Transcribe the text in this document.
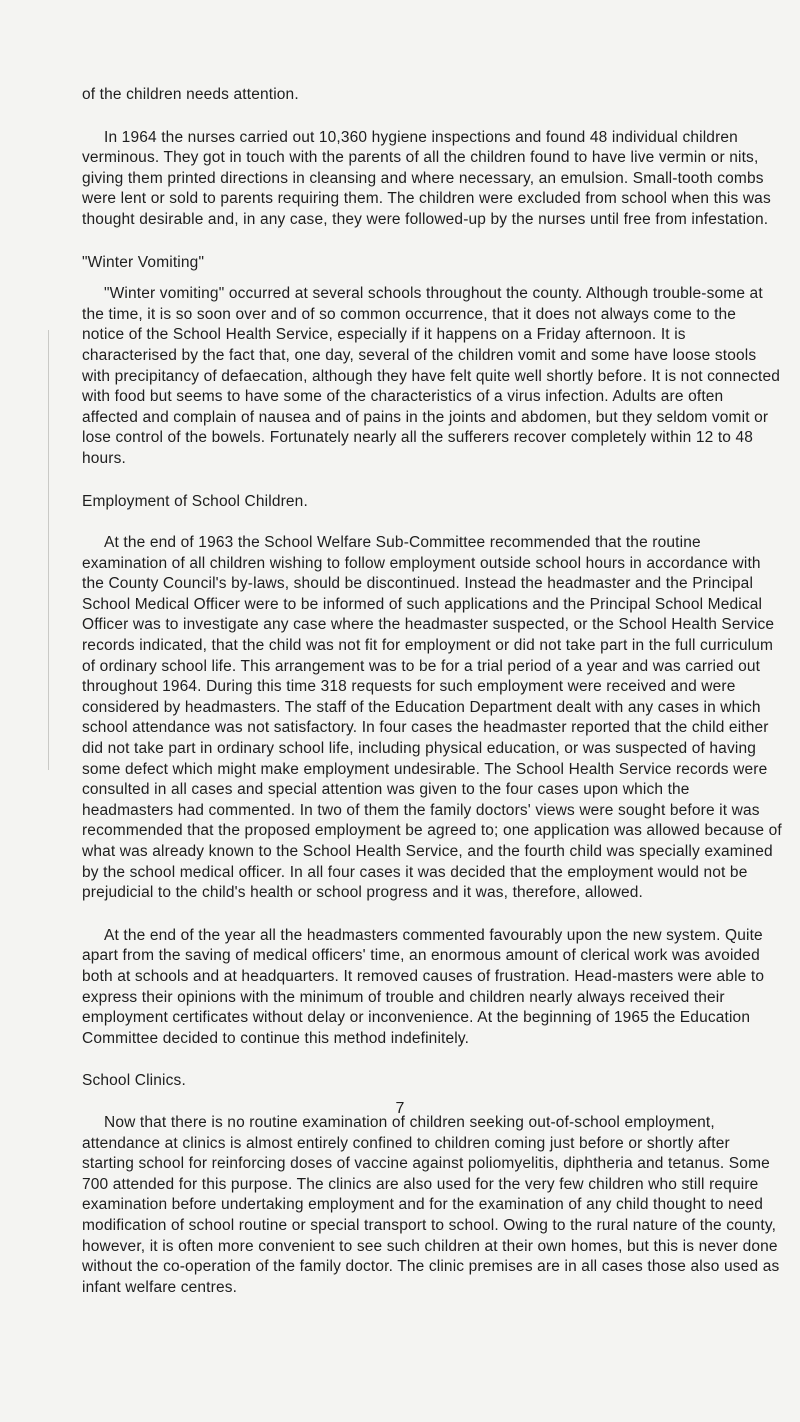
of the children needs attention.

In 1964 the nurses carried out 10,360 hygiene inspections and found 48 individual children verminous. They got in touch with the parents of all the children found to have live vermin or nits, giving them printed directions in cleansing and where necessary, an emulsion. Small-tooth combs were lent or sold to parents requiring them. The children were excluded from school when this was thought desirable and, in any case, they were followed-up by the nurses until free from infestation.

"Winter Vomiting"

"Winter vomiting" occurred at several schools throughout the county. Although trouble-some at the time, it is so soon over and of so common occurrence, that it does not always come to the notice of the School Health Service, especially if it happens on a Friday afternoon. It is characterised by the fact that, one day, several of the children vomit and some have loose stools with precipitancy of defaecation, although they have felt quite well shortly before. It is not connected with food but seems to have some of the characteristics of a virus infection. Adults are often affected and complain of nausea and of pains in the joints and abdomen, but they seldom vomit or lose control of the bowels. Fortunately nearly all the sufferers recover completely within 12 to 48 hours.

Employment of School Children.

At the end of 1963 the School Welfare Sub-Committee recommended that the routine examination of all children wishing to follow employment outside school hours in accordance with the County Council's by-laws, should be discontinued. Instead the headmaster and the Principal School Medical Officer were to be informed of such applications and the Principal School Medical Officer was to investigate any case where the headmaster suspected, or the School Health Service records indicated, that the child was not fit for employment or did not take part in the full curriculum of ordinary school life. This arrangement was to be for a trial period of a year and was carried out throughout 1964. During this time 318 requests for such employment were received and were considered by headmasters. The staff of the Education Department dealt with any cases in which school attendance was not satisfactory. In four cases the headmaster reported that the child either did not take part in ordinary school life, including physical education, or was suspected of having some defect which might make employment undesirable. The School Health Service records were consulted in all cases and special attention was given to the four cases upon which the headmasters had commented. In two of them the family doctors' views were sought before it was recommended that the proposed employment be agreed to; one application was allowed because of what was already known to the School Health Service, and the fourth child was specially examined by the school medical officer. In all four cases it was decided that the employment would not be prejudicial to the child's health or school progress and it was, therefore, allowed.

At the end of the year all the headmasters commented favourably upon the new system. Quite apart from the saving of medical officers' time, an enormous amount of clerical work was avoided both at schools and at headquarters. It removed causes of frustration. Head-masters were able to express their opinions with the minimum of trouble and children nearly always received their employment certificates without delay or inconvenience. At the beginning of 1965 the Education Committee decided to continue this method indefinitely.

School Clinics.

Now that there is no routine examination of children seeking out-of-school employment, attendance at clinics is almost entirely confined to children coming just before or shortly after starting school for reinforcing doses of vaccine against poliomyelitis, diphtheria and tetanus. Some 700 attended for this purpose. The clinics are also used for the very few children who still require examination before undertaking employment and for the examination of any child thought to need modification of school routine or special transport to school. Owing to the rural nature of the county, however, it is often more convenient to see such children at their own homes, but this is never done without the co-operation of the family doctor. The clinic premises are in all cases those also used as infant welfare centres.

7
